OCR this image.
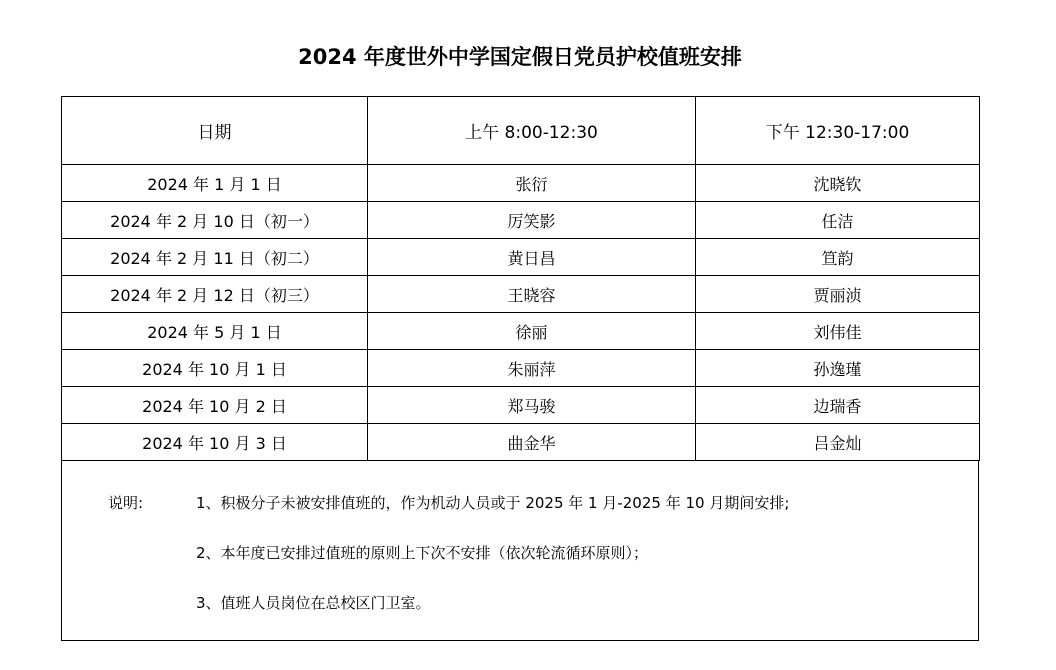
2024 年度世外中学国定假日党员护校值班安排
日期	上午 8:00-12:30	下午 12:30-17:00
2024 年 1 月 1 日	张衍	沈晓钦
2024 年 2 月 10 日（初一）	厉笑影	任洁
2024 年 2 月 11 日（初二）	黄日昌	笪韵
2024 年 2 月 12 日（初三）	王晓容	贾丽浈
2024 年 5 月 1 日	徐丽	刘伟佳
2024 年 10 月 1 日	朱丽萍	孙逸瑾
2024 年 10 月 2 日	郑马骏	边瑞香
2024 年 10 月 3 日	曲金华	吕金灿
说明:	1、积极分子未被安排值班的，作为机动人员或于 2025 年 1 月-2025 年 10 月期间安排;
2、本年度已安排过值班的原则上下次不安排（依次轮流循环原则）；
3、值班人员岗位在总校区门卫室。
